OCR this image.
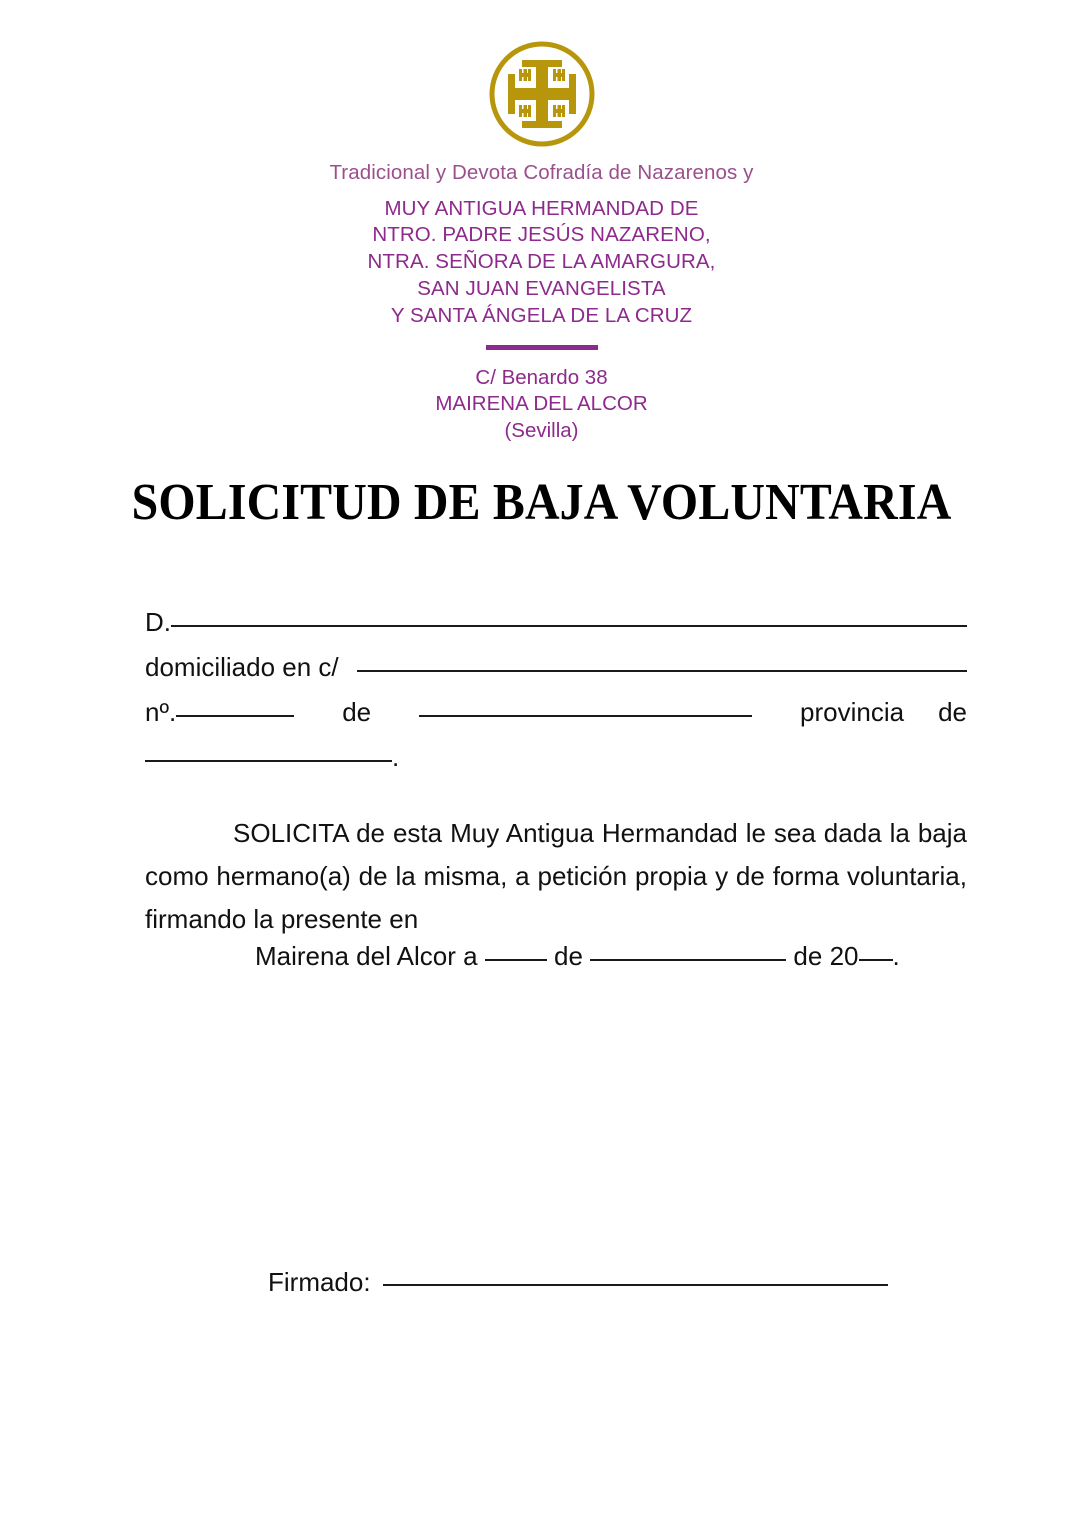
Tradicional y Devota Cofradía de Nazarenos y
MUY ANTIGUA HERMANDAD DE
NTRO. PADRE JESÚS NAZARENO,
NTRA. SEÑORA DE LA AMARGURA,
SAN JUAN EVANGELISTA
Y SANTA ÁNGELA DE LA CRUZ
C/ Benardo 38
MAIRENA DEL ALCOR
(Sevilla)
SOLICITUD DE BAJA VOLUNTARIA
D.
domiciliado en c/
nº.	de	provincia de
.
SOLICITA de esta Muy Antigua Hermandad le sea dada la baja como hermano(a) de la misma, a petición propia y de forma voluntaria, firmando la presente en
Mairena del Alcor a	de	de 20 .
Firmado:
